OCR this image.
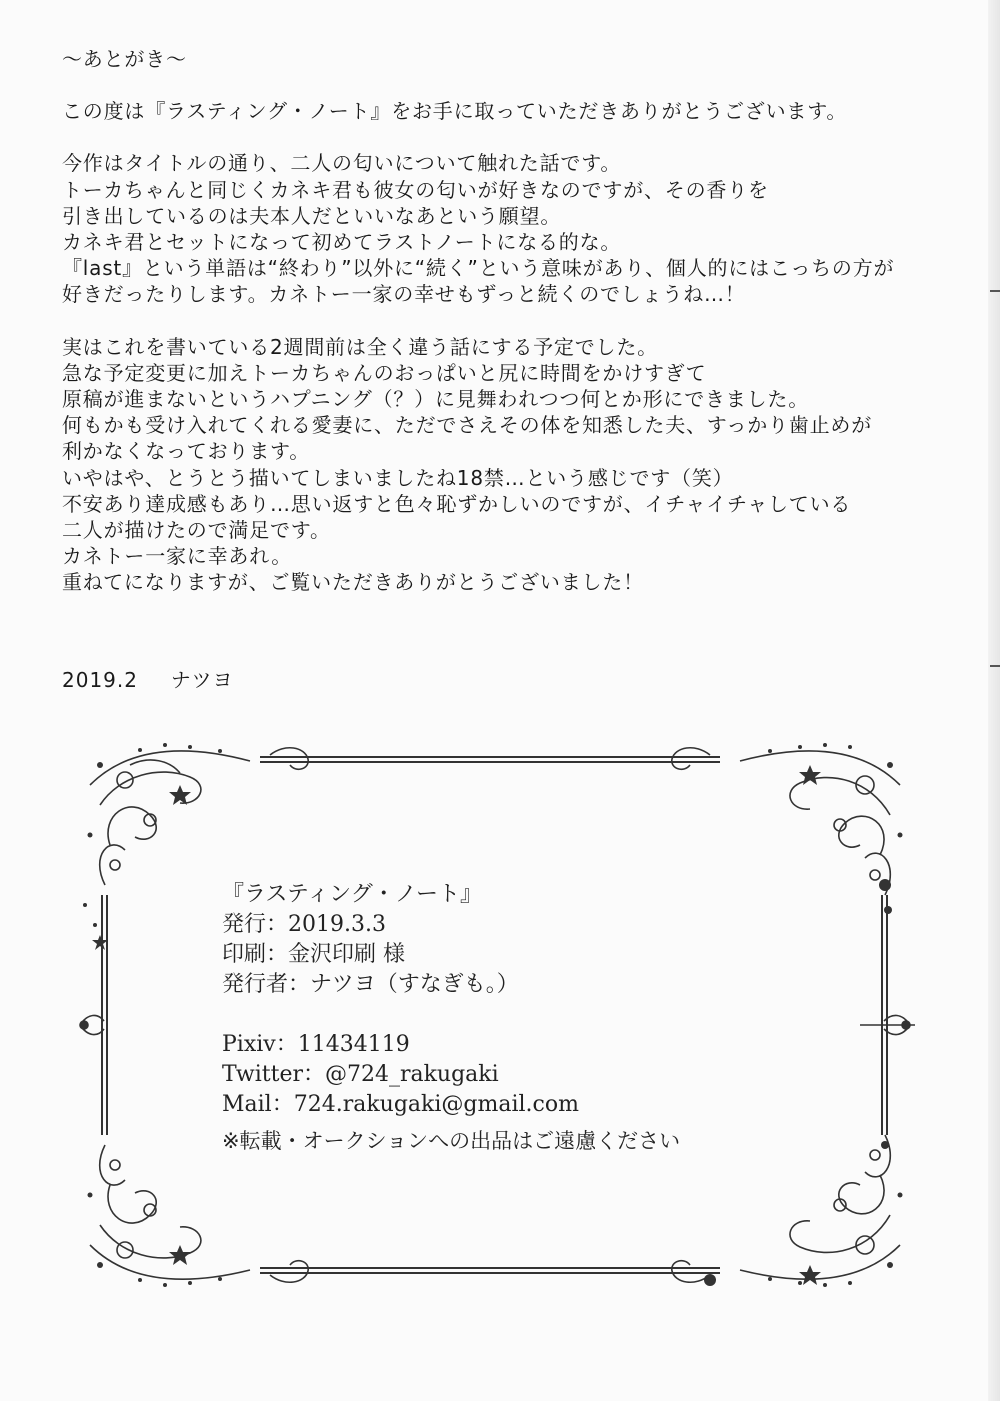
〜あとがき〜

この度は『ラスティング・ノート』をお手に取っていただきありがとうございます。

今作はタイトルの通り、二人の匂いについて触れた話です。

トーカちゃんと同じくカネキ君も彼女の匂いが好きなのですが、その香りを

引き出しているのは夫本人だといいなあという願望。

カネキ君とセットになって初めてラストノートになる的な。

『last』という単語は“終わり”以外に“続く”という意味があり、個人的にはこっちの方が

好きだったりします。カネトー一家の幸せもずっと続くのでしょうね…！

実はこれを書いている2週間前は全く違う話にする予定でした。

急な予定変更に加えトーカちゃんのおっぱいと尻に時間をかけすぎて

原稿が進まないというハプニング（？）に見舞われつつ何とか形にできました。

何もかも受け入れてくれる愛妻に、ただでさえその体を知悉した夫、すっかり歯止めが

利かなくなっております。

いやはや、とうとう描いてしまいましたね18禁…という感じです（笑）

不安あり達成感もあり…思い返すと色々恥ずかしいのですが、イチャイチャしている

二人が描けたので満足です。

カネトー一家に幸あれ。

重ねてになりますが、ご覧いただきありがとうございました！

2019.2 ナツヨ

『ラスティング・ノート』

発行：2019.3.3

印刷：金沢印刷 様

発行者：ナツヨ（すなぎも。）

Pixiv：11434119

Twitter：@724_rakugaki

Mail：724.rakugaki@gmail.com

※転載・オークションへの出品はご遠慮ください
